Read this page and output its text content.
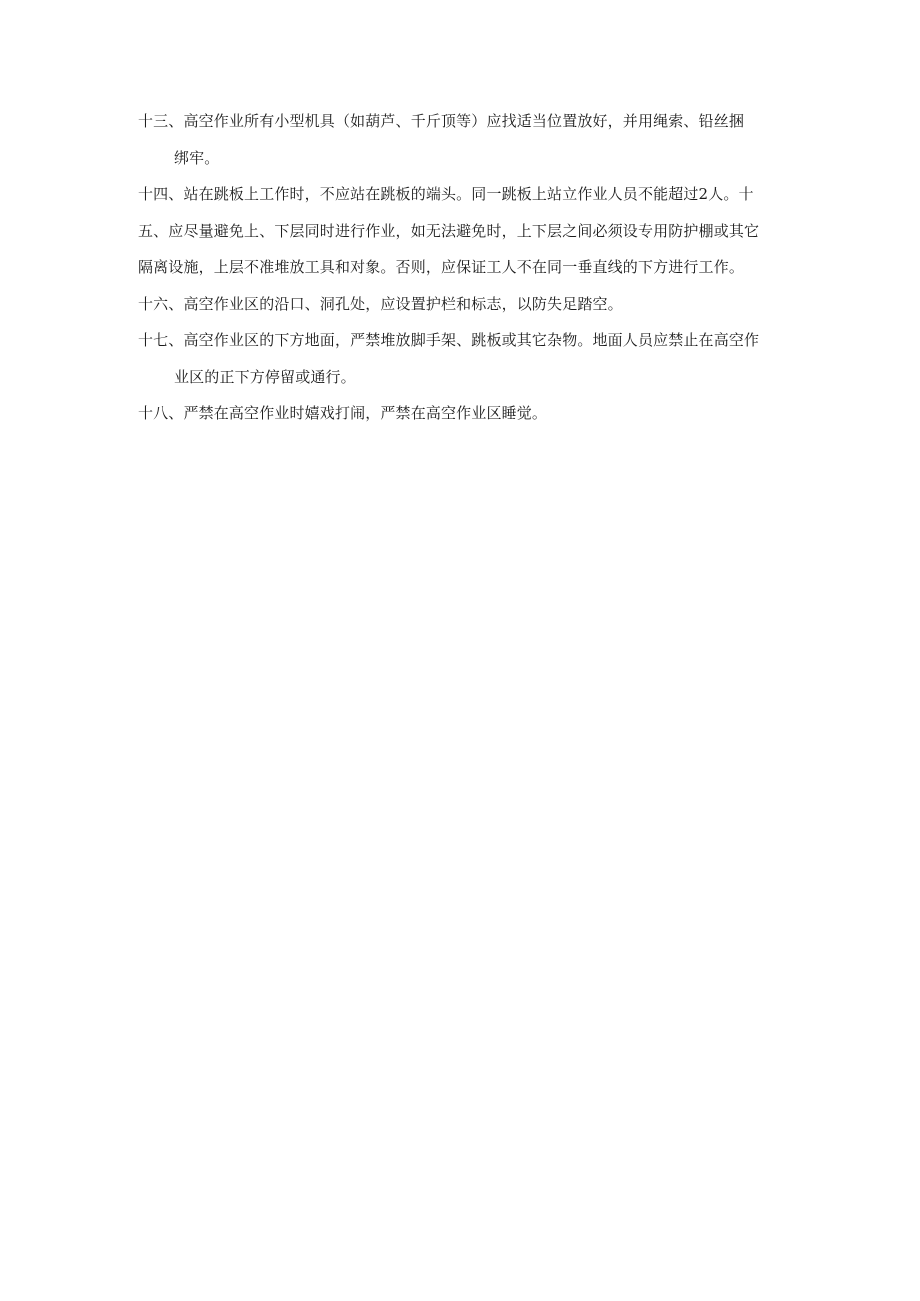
十三、高空作业所有小型机具（如葫芦、千斤顶等）应找适当位置放好，并用绳索、铅丝捆
绑牢。
十四、站在跳板上工作时，不应站在跳板的端头。同一跳板上站立作业人员不能超过2人。十
五、应尽量避免上、下层同时进行作业，如无法避免时，上下层之间必须设专用防护棚或其它
隔离设施，上层不准堆放工具和对象。否则，应保证工人不在同一垂直线的下方进行工作。
十六、高空作业区的沿口、洞孔处，应设置护栏和标志，以防失足踏空。
十七、高空作业区的下方地面，严禁堆放脚手架、跳板或其它杂物。地面人员应禁止在高空作
业区的正下方停留或通行。
十八、严禁在高空作业时嬉戏打闹，严禁在高空作业区睡觉。
